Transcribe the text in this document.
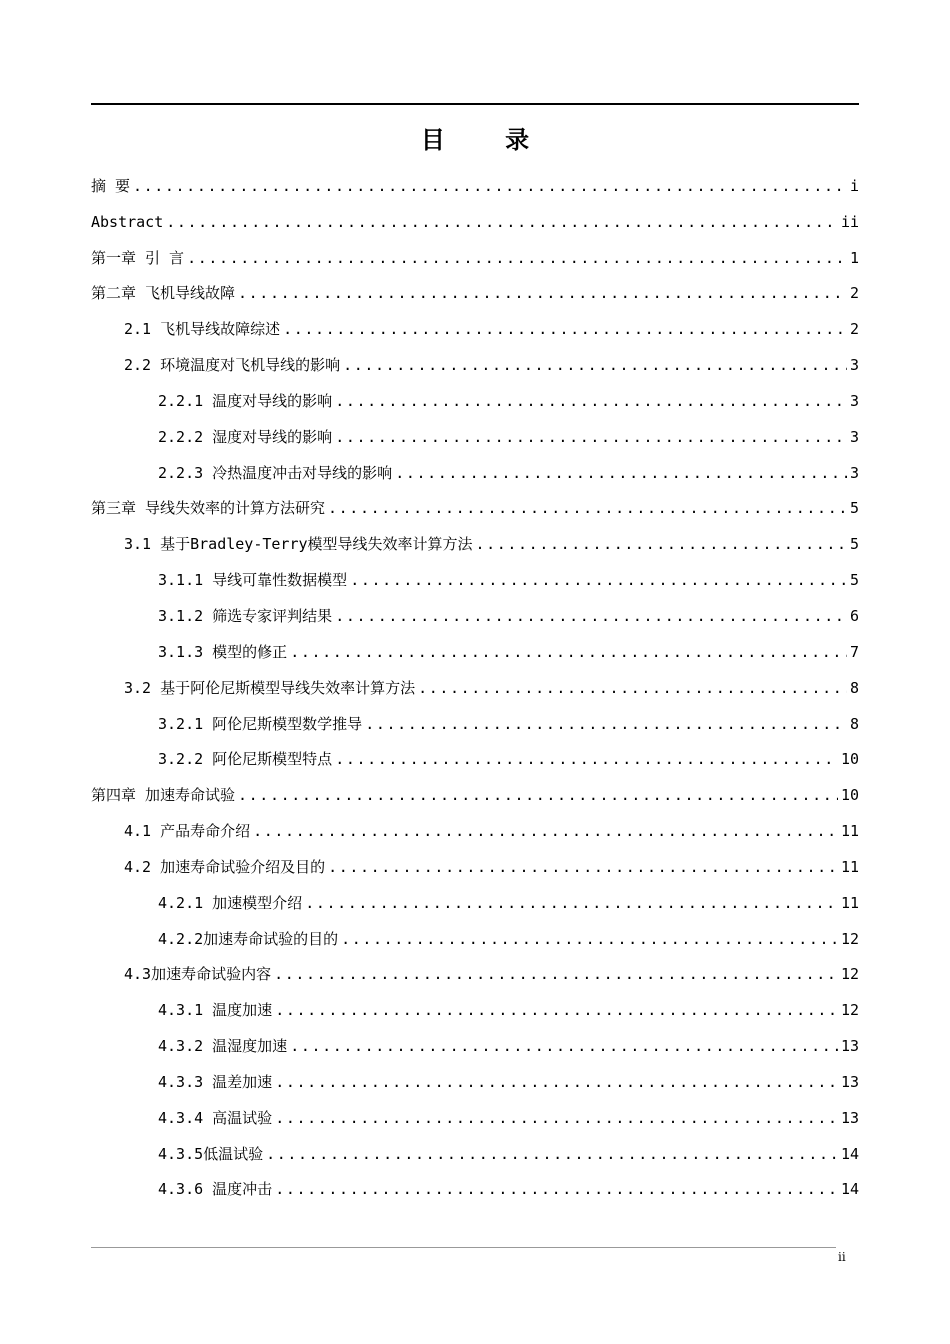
目 录
摘 要 .....	i
Abstract .....	ii
第一章 引 言 .....	1
第二章 飞机导线故障 .....	2
2.1 飞机导线故障综述 .....	2
2.2 环境温度对飞机导线的影响 .....	3
2.2.1 温度对导线的影响 .....	3
2.2.2 湿度对导线的影响 .....	3
2.2.3 冷热温度冲击对导线的影响 .....	3
第三章 导线失效率的计算方法研究 .....	5
3.1 基于Bradley-Terry模型导线失效率计算方法 .....	5
3.1.1 导线可靠性数据模型 .....	5
3.1.2 筛选专家评判结果 .....	6
3.1.3 模型的修正 .....	7
3.2 基于阿伦尼斯模型导线失效率计算方法 .....	8
3.2.1 阿伦尼斯模型数学推导 .....	8
3.2.2 阿伦尼斯模型特点 .....	10
第四章 加速寿命试验 .....	10
4.1 产品寿命介绍 .....	11
4.2 加速寿命试验介绍及目的 .....	11
4.2.1 加速模型介绍 .....	11
4.2.2加速寿命试验的目的 .....	12
4.3加速寿命试验内容 .....	12
4.3.1 温度加速 .....	12
4.3.2 温湿度加速 .....	13
4.3.3 温差加速 .....	13
4.3.4 高温试验 .....	13
4.3.5低温试验 .....	14
4.3.6 温度冲击 .....	14
ii
